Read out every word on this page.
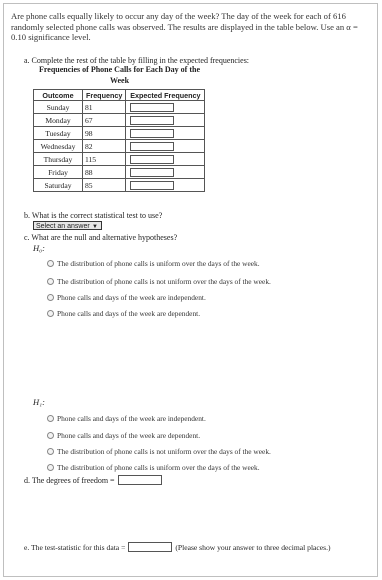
Are phone calls equally likely to occur any day of the week? The day of the week for each of 616 randomly selected phone calls was observed. The results are displayed in the table below. Use an α = 0.10 significance level.
a. Complete the rest of the table by filling in the expected frequencies:
Frequencies of Phone Calls for Each Day of the Week
Outcome	Frequency	Expected Frequency
Sunday	81	

Monday	67	

Tuesday	98	

Wednesday	82	

Thursday	115	

Friday	88	

Saturday	85	
b. What is the correct statistical test to use?
Select an answer ▼
c. What are the null and alternative hypotheses?
H₀:
The distribution of phone calls is uniform over the days of the week.
The distribution of phone calls is not uniform over the days of the week.
Phone calls and days of the week are independent.
Phone calls and days of the week are dependent.
H₁:
Phone calls and days of the week are independent.
Phone calls and days of the week are dependent.
The distribution of phone calls is not uniform over the days of the week.
The distribution of phone calls is uniform over the days of the week.
d. The degrees of freedom =
e. The test-statistic for this data =	(Please show your answer to three decimal places.)
